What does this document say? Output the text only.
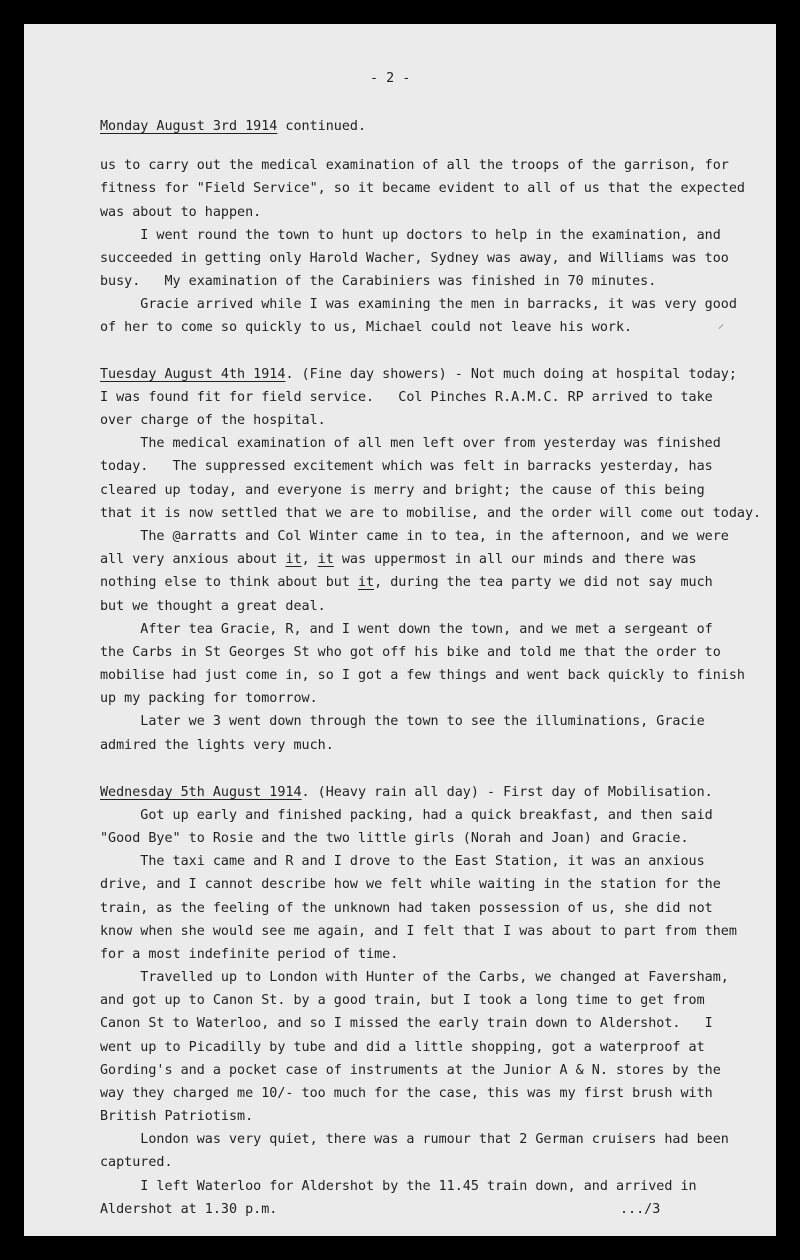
- 2 -
Monday August 3rd 1914 continued.
us to carry out the medical examination of all the troops of the garrison, for
fitness for "Field Service", so it became evident to all of us that the expected
was about to happen.
I went round the town to hunt up doctors to help in the examination, and
succeeded in getting only Harold Wacher, Sydney was away, and Williams was too
busy.   My examination of the Carabiniers was finished in 70 minutes.
Gracie arrived while I was examining the men in barracks, it was very good
of her to come so quickly to us, Michael could not leave his work.
Tuesday August 4th 1914. (Fine day showers) - Not much doing at hospital today;
I was found fit for field service.   Col Pinches R.A.M.C. RP arrived to take
over charge of the hospital.
The medical examination of all men left over from yesterday was finished
today.   The suppressed excitement which was felt in barracks yesterday, has
cleared up today, and everyone is merry and bright; the cause of this being
that it is now settled that we are to mobilise, and the order will come out today.
The @arratts and Col Winter came in to tea, in the afternoon, and we were
all very anxious about it, it was uppermost in all our minds and there was
nothing else to think about but it, during the tea party we did not say much
but we thought a great deal.
After tea Gracie, R, and I went down the town, and we met a sergeant of
the Carbs in St Georges St who got off his bike and told me that the order to
mobilise had just come in, so I got a few things and went back quickly to finish
up my packing for tomorrow.
Later we 3 went down through the town to see the illuminations, Gracie
admired the lights very much.
Wednesday 5th August 1914. (Heavy rain all day) - First day of Mobilisation.
Got up early and finished packing, had a quick breakfast, and then said
"Good Bye" to Rosie and the two little girls (Norah and Joan) and Gracie.
The taxi came and R and I drove to the East Station, it was an anxious
drive, and I cannot describe how we felt while waiting in the station for the
train, as the feeling of the unknown had taken possession of us, she did not
know when she would see me again, and I felt that I was about to part from them
for a most indefinite period of time.
Travelled up to London with Hunter of the Carbs, we changed at Faversham,
and got up to Canon St. by a good train, but I took a long time to get from
Canon St to Waterloo, and so I missed the early train down to Aldershot.   I
went up to Picadilly by tube and did a little shopping, got a waterproof at
Gording's and a pocket case of instruments at the Junior A & N. stores by the
way they charged me 10/- too much for the case, this was my first brush with
British Patriotism.
London was very quiet, there was a rumour that 2 German cruisers had been
captured.
I left Waterloo for Aldershot by the 11.45 train down, and arrived in
Aldershot at 1.30 p.m.	.../3
